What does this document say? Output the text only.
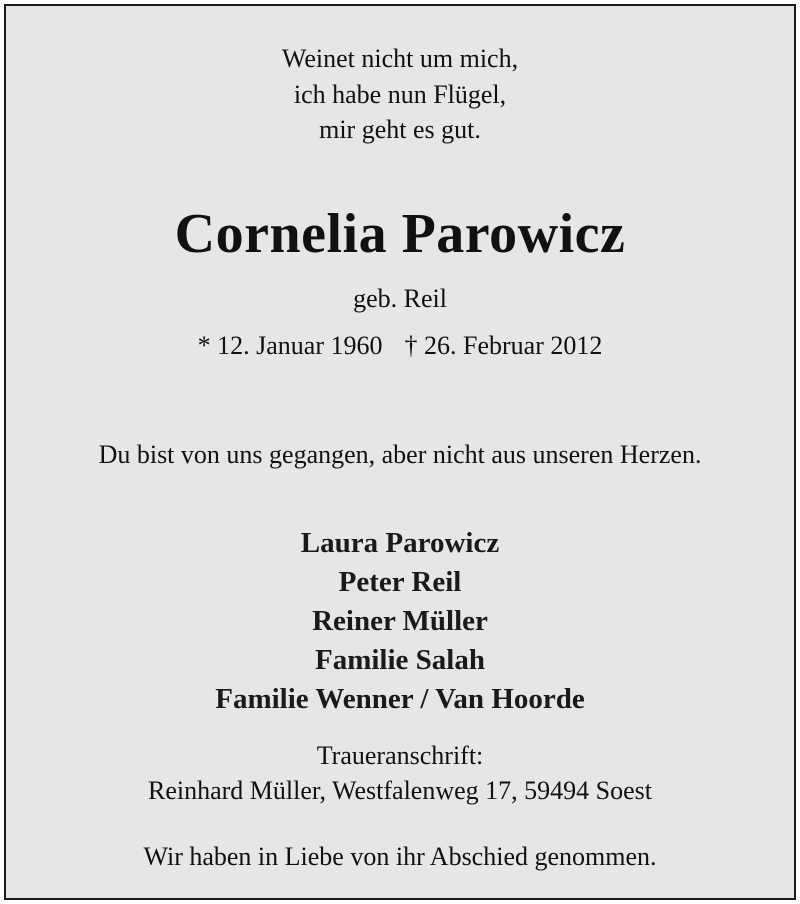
Weinet nicht um mich,

ich habe nun Flügel,

mir geht es gut.

Cornelia Parowicz

geb. Reil

* 12. Januar 1960 † 26. Februar 2012

Du bist von uns gegangen, aber nicht aus unseren Herzen.

Laura Parowicz

Peter Reil

Reiner Müller

Familie Salah

Familie Wenner / Van Hoorde

Traueranschrift:

Reinhard Müller, Westfalenweg 17, 59494 Soest

Wir haben in Liebe von ihr Abschied genommen.
